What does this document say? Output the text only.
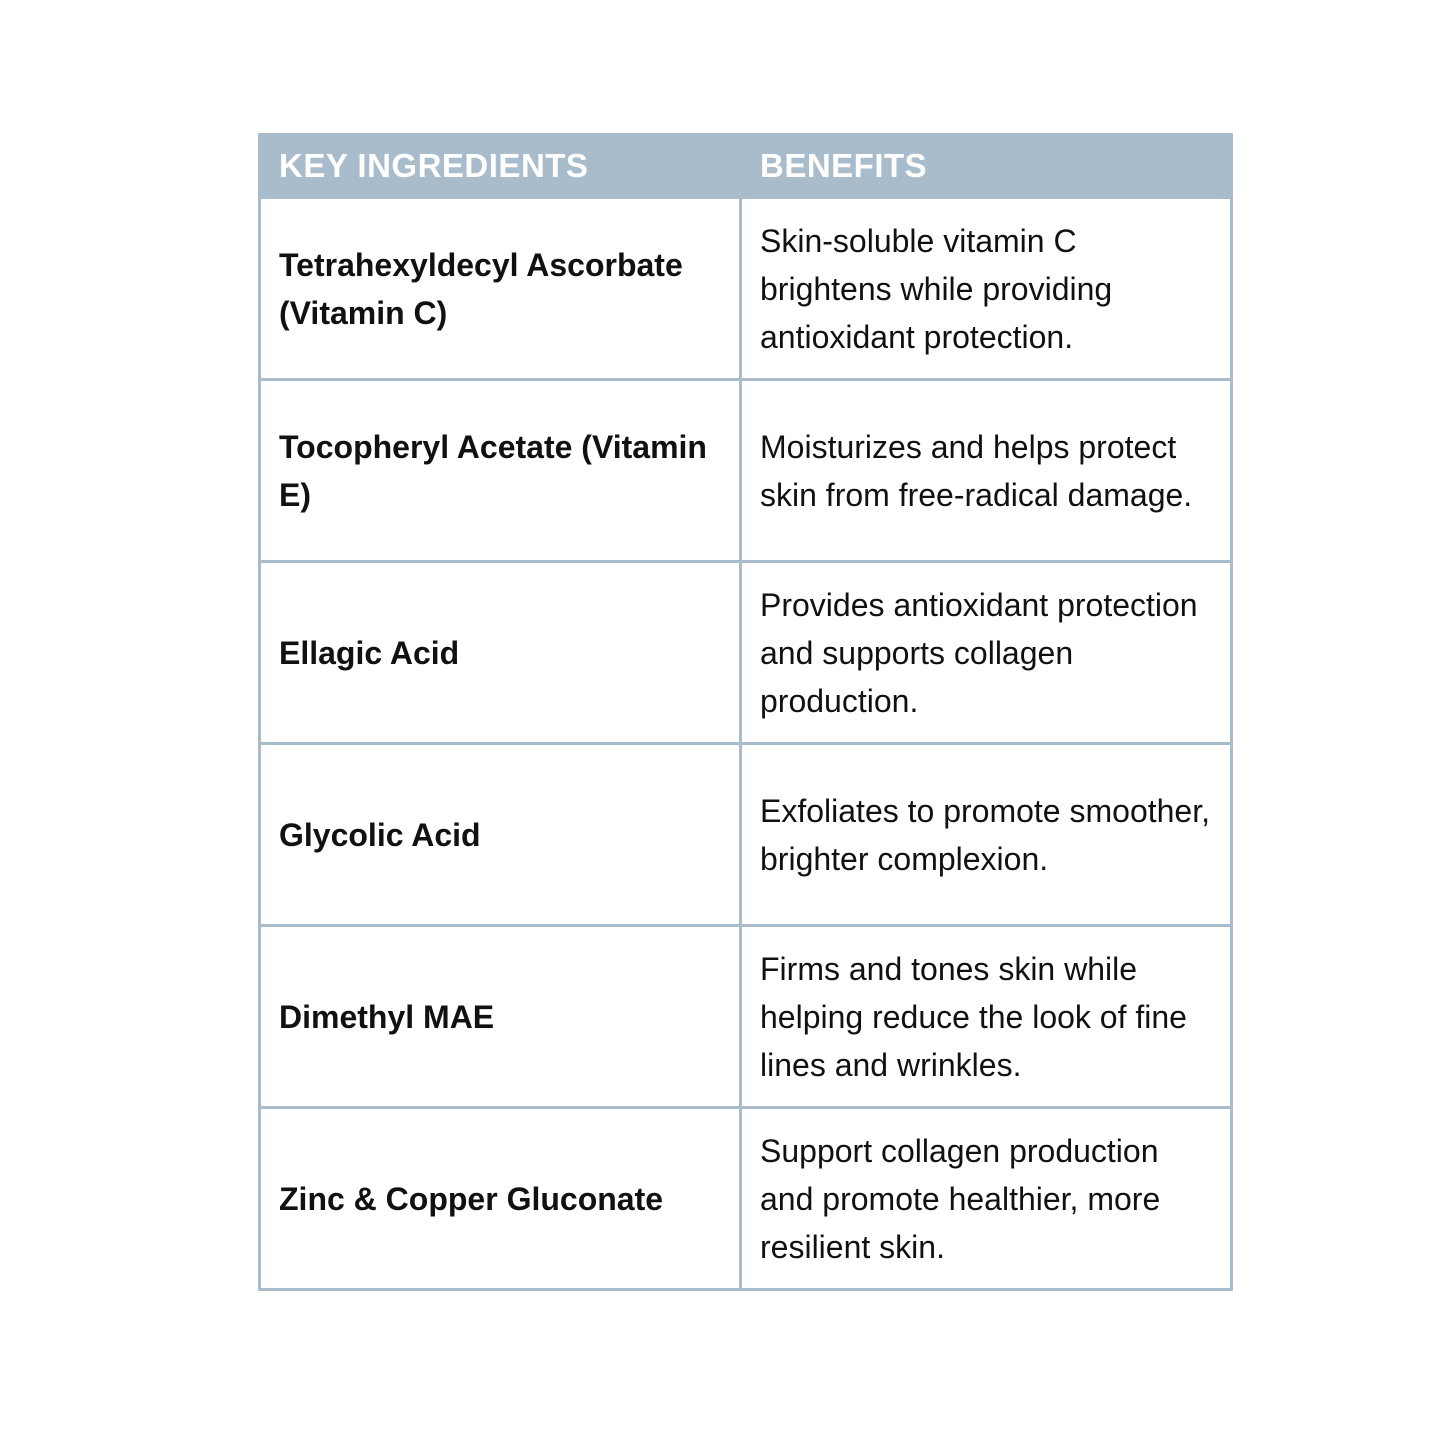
KEY INGREDIENTS	BENEFITS
Tetrahexyldecyl Ascorbate (Vitamin C)	Skin-soluble vitamin C brightens while providing antioxidant protection.
Tocopheryl Acetate (Vitamin E)	Moisturizes and helps protect skin from free-radical damage.
Ellagic Acid	Provides antioxidant protection and supports collagen production.
Glycolic Acid	Exfoliates to promote smoother, brighter complexion.
Dimethyl MAE	Firms and tones skin while helping reduce the look of fine lines and wrinkles.
Zinc & Copper Gluconate	Support collagen production and promote healthier, more resilient skin.
